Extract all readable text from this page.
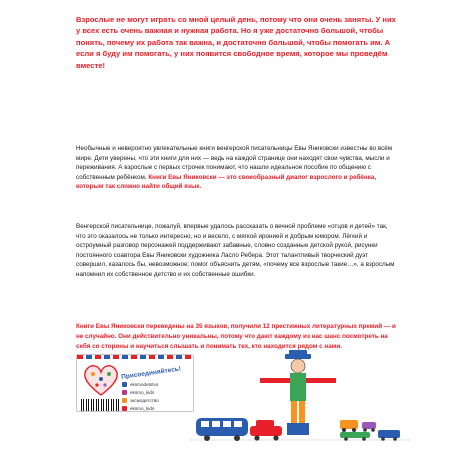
Взрослые не могут играть со мной целый день, потому что они очень заняты. У них у всех есть очень важная и нужная работа. Но я уже достаточно большой, чтобы понять, почему их работа так важна, и достаточно большой, чтобы помогать им. А если я буду им помогать, у них появится свободное время, которое мы проведём вместе!

Необычные и невероятно увлекательные книги венгерской писательницы Евы Яниковски известны во всём мире. Дети уверены, что эти книги для них — ведь на каждой странице они находят свои чувства, мысли и переживания. А взрослые с первых строчек понимают, что нашли идеальное пособие по общению с собственным ребёнком. Книги Евы Яниковски — это своеобразный диалог взрослого и ребёнка, которым так сложно найти общий язык.

Венгерской писательнице, пожалуй, впервые удалось рассказать о вечной проблеме «отцов и детей» так, что это оказалось не только интересно, но и весело, с мягкой иронией и добрым юмором. Лёгкий и остроумный разговор персонажей поддерживают забавные, словно созданные детской рукой, рисунки постоянного соавтора Евы Яниковски художника Ласло Ребера. Этот талантливый творческий дуэт совершил, казалось бы, невозможное: помог объяснить детям, «почему все взрослые такие…», а взрослым напомнил их собственное детство и их собственные ошибки.

Книги Евы Яниковски переведены на 35 языков, получили 12 престижных литературных премий — и не случайно. Они действительно уникальны, потому что дают каждому из нас шанс посмотреть на себя со стороны и научиться слышать и понимать тех, кто находится рядом с нами.

Присоединяйтесь!
eksmodetstvo
eksmo_kids
эксмодетство
eksmo_kids
